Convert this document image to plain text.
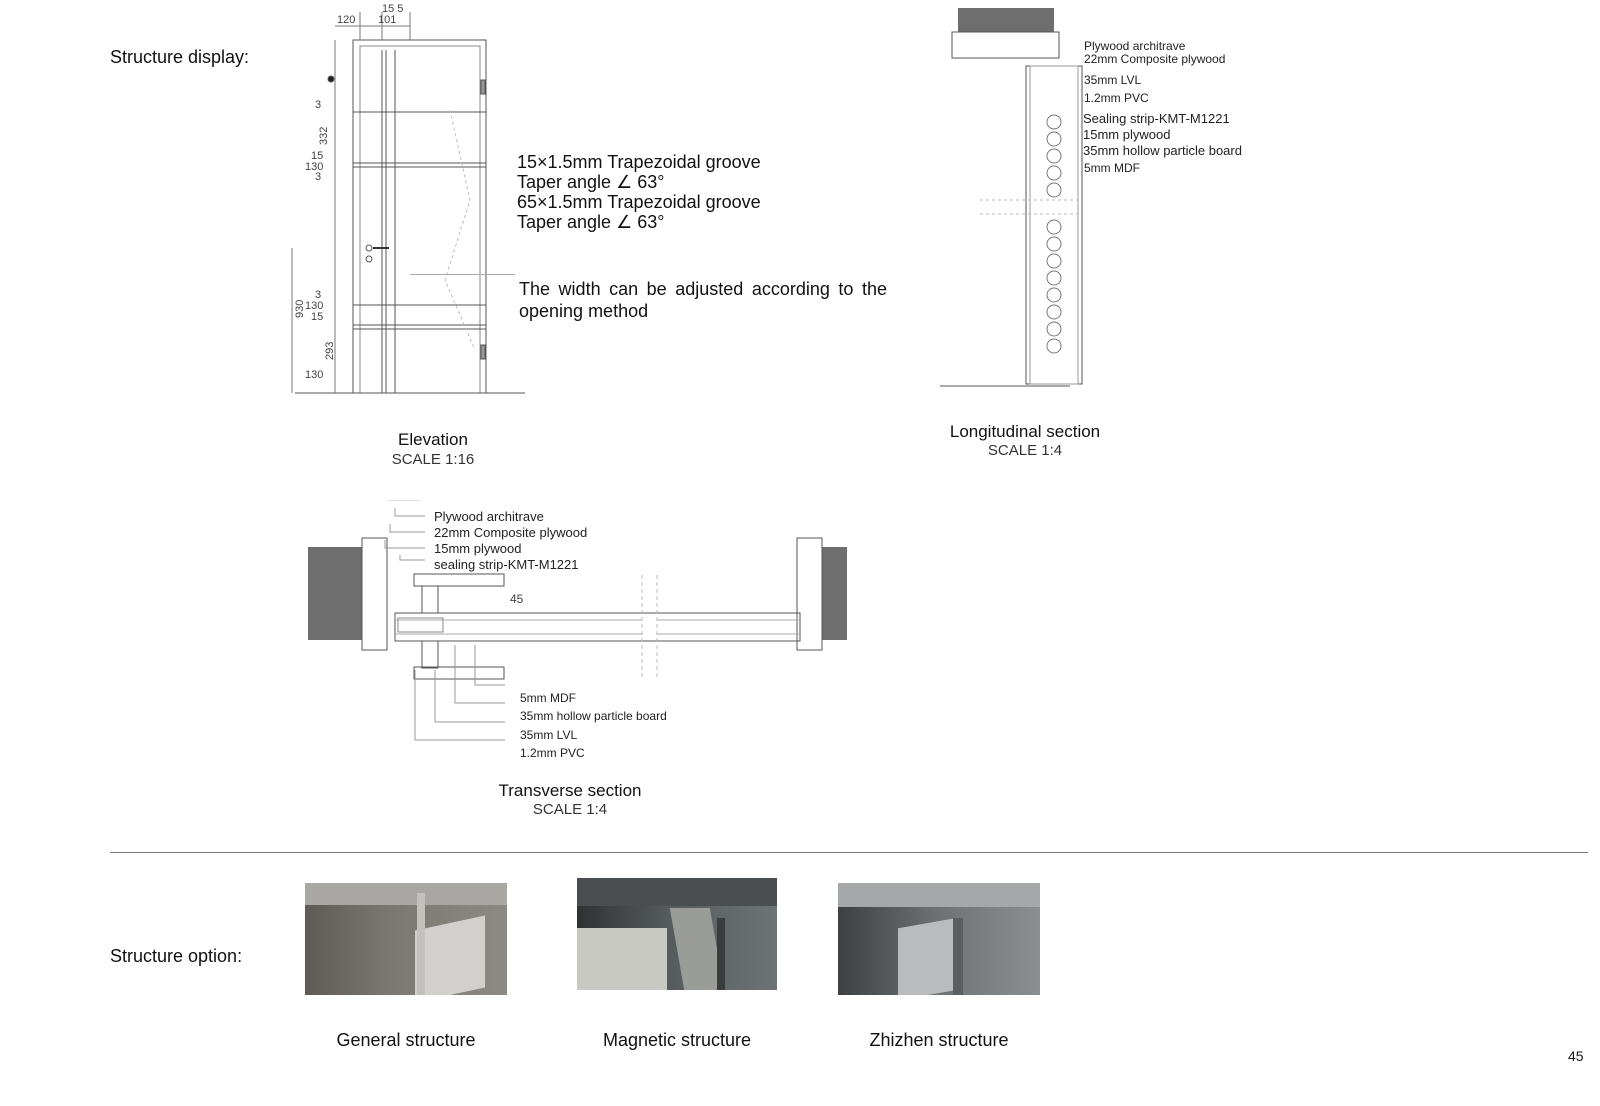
Structure display:
Structure option:
45
120
15 5
101
3
332
15
130
3
3
130
15
293
130
930
15×1.5mm Trapezoidal groove
Taper angle ∠ 63°
65×1.5mm Trapezoidal groove
Taper angle ∠ 63°
The width can be adjusted according to the opening method
Elevation
SCALE 1:16
Plywood architrave
22mm Composite plywood
35mm LVL
1.2mm PVC
Sealing strip-KMT-M1221
15mm plywood
35mm hollow particle board
5mm MDF
Longitudinal section
SCALE 1:4
45
Plywood architrave
22mm Composite plywood
15mm plywood
sealing strip-KMT-M1221
5mm MDF
35mm hollow particle board
35mm LVL
1.2mm PVC
Transverse section
SCALE 1:4
General structure	Magnetic structure	Zhizhen structure
